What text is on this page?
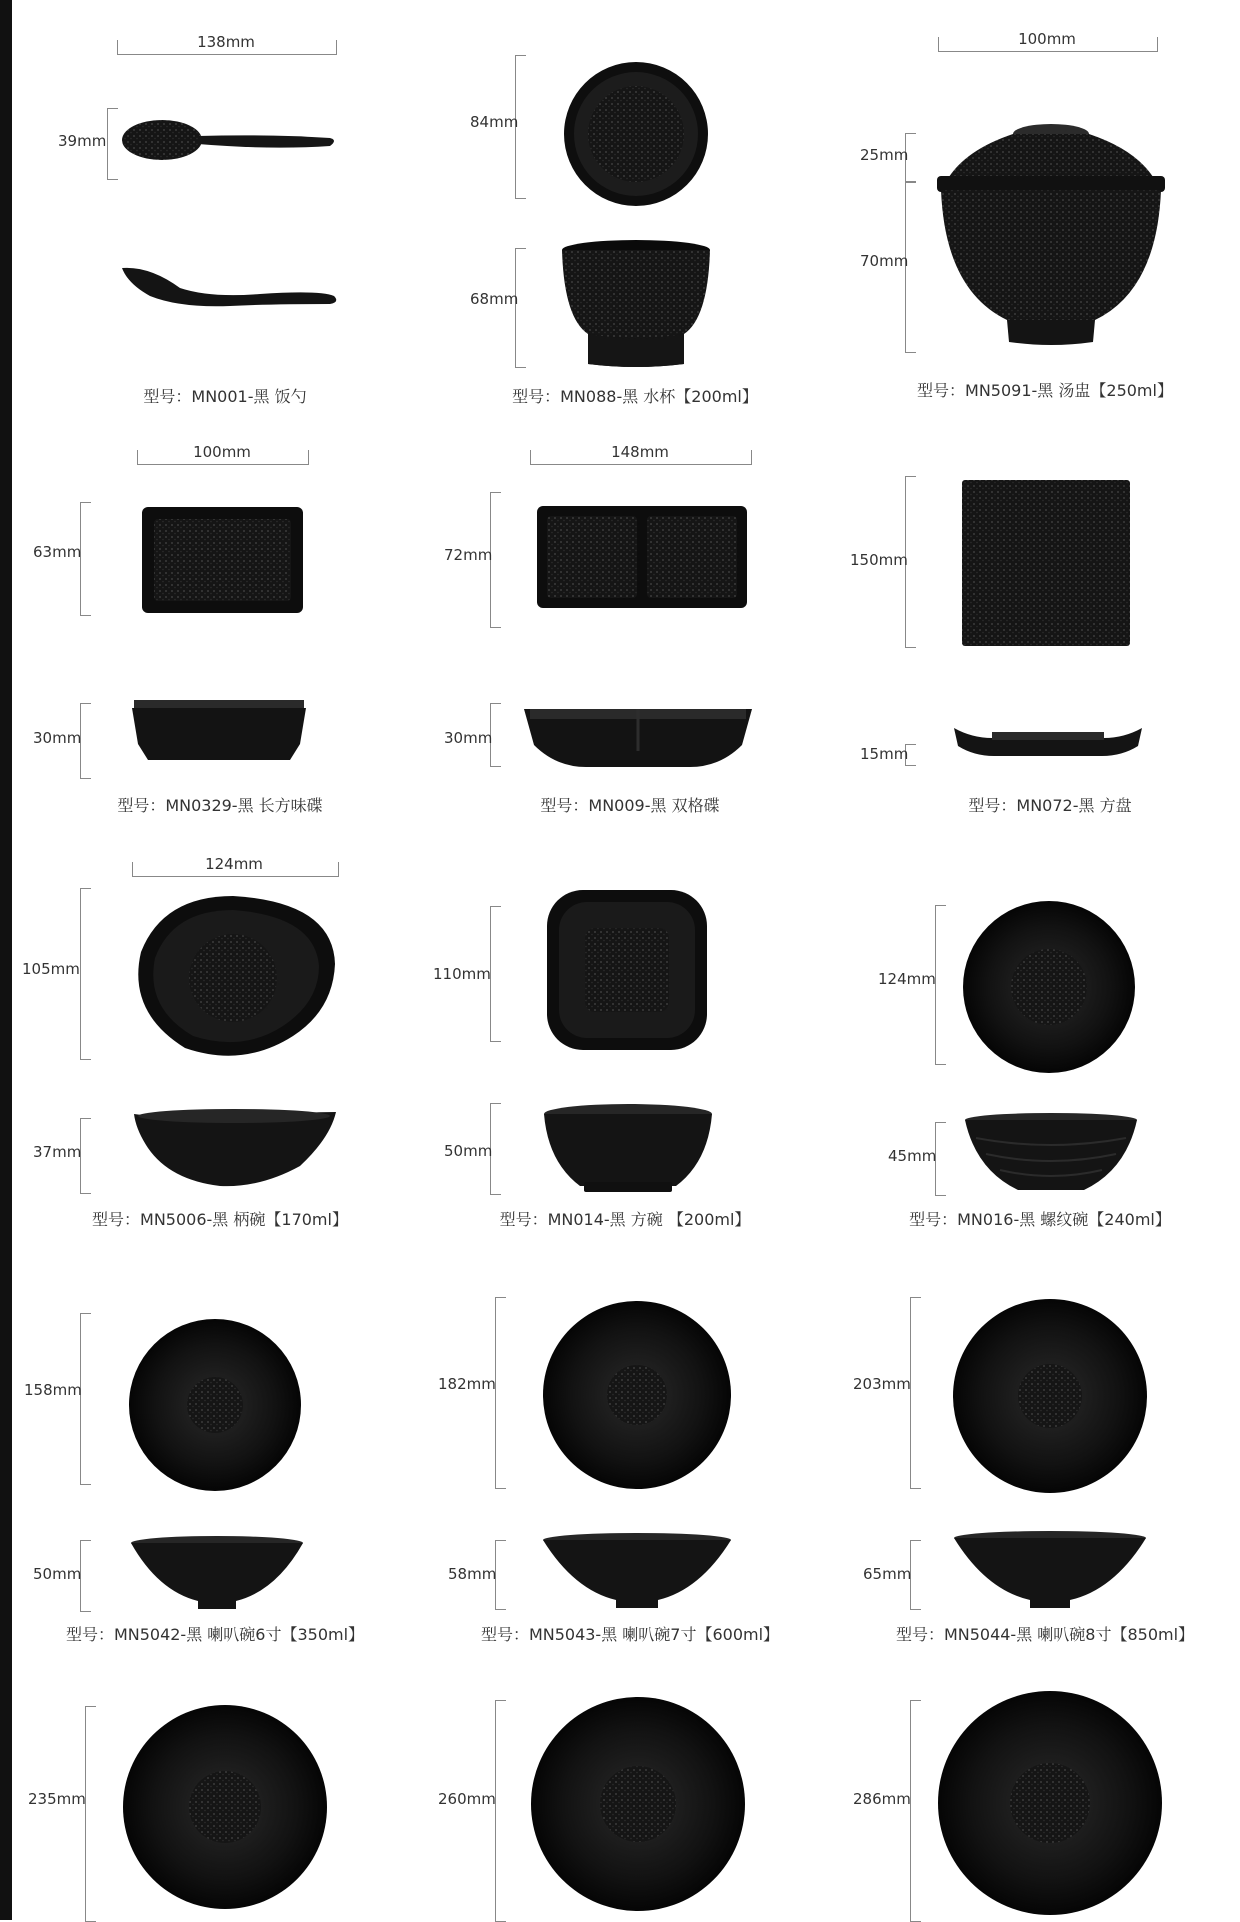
138mm
39mm
型号：MN001-黑 饭勺
84mm
68mm
型号：MN088-黑 水杯【200ml】
100mm
25mm
70mm
型号：MN5091-黑 汤盅【250ml】
100mm
63mm
30mm
型号：MN0329-黑 长方味碟
148mm
72mm
30mm
型号：MN009-黑 双格碟
150mm
15mm
型号：MN072-黑 方盘
124mm
105mm
37mm
型号：MN5006-黑 柄碗【170ml】
110mm
50mm
型号：MN014-黑 方碗 【200ml】
124mm
45mm
型号：MN016-黑 螺纹碗【240ml】
158mm
50mm
型号：MN5042-黑 喇叭碗6寸【350ml】
182mm
58mm
型号：MN5043-黑 喇叭碗7寸【600ml】
203mm
65mm
型号：MN5044-黑 喇叭碗8寸【850ml】
235mm	260mm	286mm
